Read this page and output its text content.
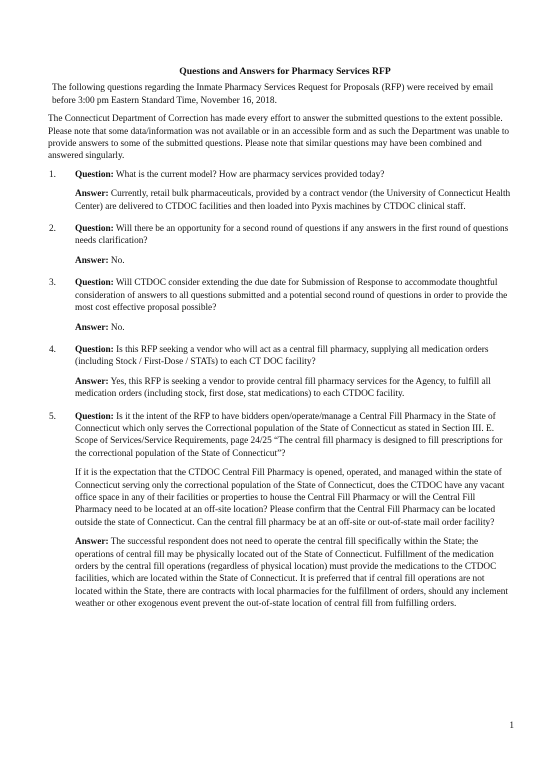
Questions and Answers for Pharmacy Services RFP

The following questions regarding the Inmate Pharmacy Services Request for Proposals (RFP) were received by email before 3:00 pm Eastern Standard Time, November 16, 2018.

The Connecticut Department of Correction has made every effort to answer the submitted questions to the extent possible. Please note that some data/information was not available or in an accessible form and as such the Department was unable to provide answers to some of the submitted questions. Please note that similar questions may have been combined and answered singularly.

1. Question: What is the current model? How are pharmacy services provided today?

Answer: Currently, retail bulk pharmaceuticals, provided by a contract vendor (the University of Connecticut Health Center) are delivered to CTDOC facilities and then loaded into Pyxis machines by CTDOC clinical staff.

2. Question: Will there be an opportunity for a second round of questions if any answers in the first round of questions needs clarification?

Answer: No.

3. Question: Will CTDOC consider extending the due date for Submission of Response to accommodate thoughtful consideration of answers to all questions submitted and a potential second round of questions in order to provide the most cost effective proposal possible?

Answer: No.

4. Question: Is this RFP seeking a vendor who will act as a central fill pharmacy, supplying all medication orders (including Stock / First-Dose / STATs) to each CT DOC facility?

Answer: Yes, this RFP is seeking a vendor to provide central fill pharmacy services for the Agency, to fulfill all medication orders (including stock, first dose, stat medications) to each CTDOC facility.

5. Question: Is it the intent of the RFP to have bidders open/operate/manage a Central Fill Pharmacy in the State of Connecticut which only serves the Correctional population of the State of Connecticut as stated in Section III. E. Scope of Services/Service Requirements, page 24/25 “The central fill pharmacy is designed to fill prescriptions for the correctional population of the State of Connecticut”?

If it is the expectation that the CTDOC Central Fill Pharmacy is opened, operated, and managed within the state of Connecticut serving only the correctional population of the State of Connecticut, does the CTDOC have any vacant office space in any of their facilities or properties to house the Central Fill Pharmacy or will the Central Fill Pharmacy need to be located at an off-site location? Please confirm that the Central Fill Pharmacy can be located outside the state of Connecticut. Can the central fill pharmacy be at an off-site or out-of-state mail order facility?

Answer: The successful respondent does not need to operate the central fill specifically within the State; the operations of central fill may be physically located out of the State of Connecticut. Fulfillment of the medication orders by the central fill operations (regardless of physical location) must provide the medications to the CTDOC facilities, which are located within the State of Connecticut. It is preferred that if central fill operations are not located within the State, there are contracts with local pharmacies for the fulfillment of orders, should any inclement weather or other exogenous event prevent the out-of-state location of central fill from fulfilling orders.

1
